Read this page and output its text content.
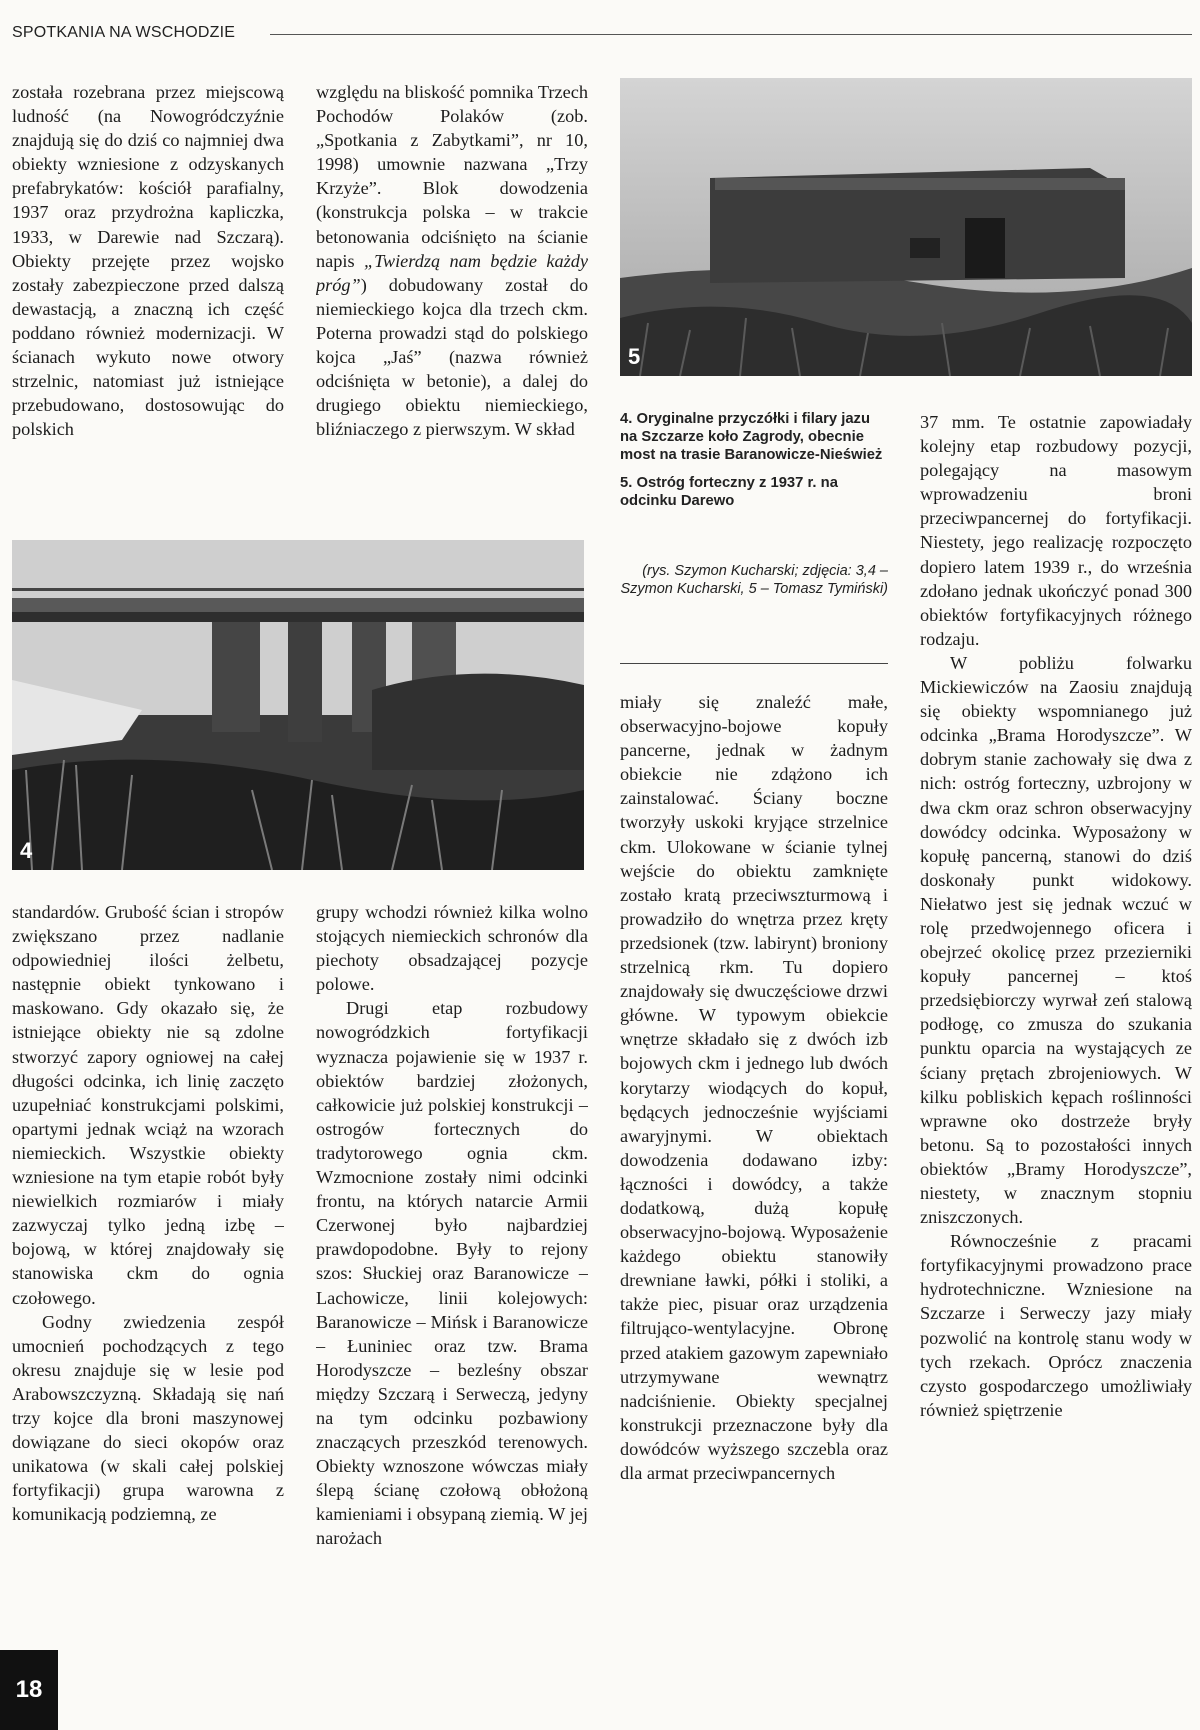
SPOTKANIA NA WSCHODZIE

została rozebrana przez miejscową ludność (na Nowogródczyźnie znajdują się do dziś co najmniej dwa obiekty wzniesione z odzyskanych prefabrykatów: kościół parafialny, 1937 oraz przydrożna kapliczka, 1933, w Darewie nad Szczarą). Obiekty przejęte przez wojsko zostały zabezpieczone przed dalszą dewastacją, a znaczną ich część poddano również modernizacji. W ścianach wykuto nowe otwory strzelnic, natomiast już istniejące przebudowano, dostosowując do polskich

względu na bliskość pomnika Trzech Pochodów Polaków (zob. „Spotkania z Zabytkami”, nr 10, 1998) umownie nazwana „Trzy Krzyże”. Blok dowodzenia (konstrukcja polska – w trakcie betonowania odciśnięto na ścianie napis „Twierdzą nam będzie każdy próg”) dobudowany został do niemieckiego kojca dla trzech ckm. Poterna prowadzi stąd do polskiego kojca „Jaś” (nazwa również odciśnięta w betonie), a dalej do drugiego obiektu niemieckiego, bliźniaczego z pierwszym. W skład

5

4. Oryginalne przyczółki i filary jazu na Szczarze koło Zagrody, obecnie most na trasie Baranowicze-Nieśwież

5. Ostróg forteczny z 1937 r. na odcinku Darewo

(rys. Szymon Kucharski; zdjęcia: 3,4 – Szymon Kucharski, 5 – Tomasz Tymiński)
4

standardów. Grubość ścian i stropów zwiększano przez nadlanie odpowiedniej ilości żelbetu, następnie obiekt tynkowano i maskowano. Gdy okazało się, że istniejące obiekty nie są zdolne stworzyć zapory ogniowej na całej długości odcinka, ich linię zaczęto uzupełniać konstrukcjami polskimi, opartymi jednak wciąż na wzorach niemieckich. Wszystkie obiekty wzniesione na tym etapie robót były niewielkich rozmiarów i miały zazwyczaj tylko jedną izbę – bojową, w której znajdowały się stanowiska ckm do ognia czołowego.

Godny zwiedzenia zespół umocnień pochodzących z tego okresu znajduje się w lesie pod Arabowszczyzną. Składają się nań trzy kojce dla broni maszynowej dowiązane do sieci okopów oraz unikatowa (w skali całej polskiej fortyfikacji) grupa warowna z komunikacją podziemną, ze

grupy wchodzi również kilka wolno stojących niemieckich schronów dla piechoty obsadzającej pozycje polowe.

Drugi etap rozbudowy nowogródzkich fortyfikacji wyznacza pojawienie się w 1937 r. obiektów bardziej złożonych, całkowicie już polskiej konstrukcji – ostrogów fortecznych do tradytorowego ognia ckm. Wzmocnione zostały nimi odcinki frontu, na których natarcie Armii Czerwonej było najbardziej prawdopodobne. Były to rejony szos: Słuckiej oraz Baranowicze – Lachowicze, linii kolejowych: Baranowicze – Mińsk i Baranowicze – Łuniniec oraz tzw. Brama Horodyszcze – bezleśny obszar między Szczarą i Serweczą, jedyny na tym odcinku pozbawiony znaczących przeszkód terenowych. Obiekty wznoszone wówczas miały ślepą ścianę czołową obłożoną kamieniami i obsypaną ziemią. W jej narożach

miały się znaleźć małe, obserwacyjno-bojowe kopuły pancerne, jednak w żadnym obiekcie nie zdążono ich zainstalować. Ściany boczne tworzyły uskoki kryjące strzelnice ckm. Ulokowane w ścianie tylnej wejście do obiektu zamknięte zostało kratą przeciwszturmową i prowadziło do wnętrza przez kręty przedsionek (tzw. labirynt) broniony strzelnicą rkm. Tu dopiero znajdowały się dwuczęściowe drzwi główne. W typowym obiekcie wnętrze składało się z dwóch izb bojowych ckm i jednego lub dwóch korytarzy wiodących do kopuł, będących jednocześnie wyjściami awaryjnymi. W obiektach dowodzenia dodawano izby: łączności i dowódcy, a także dodatkową, dużą kopułę obserwacyjno-bojową. Wyposażenie każdego obiektu stanowiły drewniane ławki, półki i stoliki, a także piec, pisuar oraz urządzenia filtrująco-wentylacyjne. Obronę przed atakiem gazowym zapewniało utrzymywane wewnątrz nadciśnienie. Obiekty specjalnej konstrukcji przeznaczone były dla dowódców wyższego szczebla oraz dla armat przeciwpancernych

37 mm. Te ostatnie zapowiadały kolejny etap rozbudowy pozycji, polegający na masowym wprowadzeniu broni przeciwpancernej do fortyfikacji. Niestety, jego realizację rozpoczęto dopiero latem 1939 r., do września zdołano jednak ukończyć ponad 300 obiektów fortyfikacyjnych różnego rodzaju.

W pobliżu folwarku Mickiewiczów na Zaosiu znajdują się obiekty wspomnianego już odcinka „Brama Horodyszcze”. W dobrym stanie zachowały się dwa z nich: ostróg forteczny, uzbrojony w dwa ckm oraz schron obserwacyjny dowódcy odcinka. Wyposażony w kopułę pancerną, stanowi do dziś doskonały punkt widokowy. Niełatwo jest się jednak wczuć w rolę przedwojennego oficera i obejrzeć okolicę przez przezierniki kopuły pancernej – ktoś przedsiębiorczy wyrwał zeń stalową podłogę, co zmusza do szukania punktu oparcia na wystających ze ściany prętach zbrojeniowych. W kilku pobliskich kępach roślinności wprawne oko dostrzeże bryły betonu. Są to pozostałości innych obiektów „Bramy Horodyszcze”, niestety, w znacznym stopniu zniszczonych.

Równocześnie z pracami fortyfikacyjnymi prowadzono prace hydrotechniczne. Wzniesione na Szczarze i Serweczy jazy miały pozwolić na kontrolę stanu wody w tych rzekach. Oprócz znaczenia czysto gospodarczego umożliwiały również spiętrzenie

18
